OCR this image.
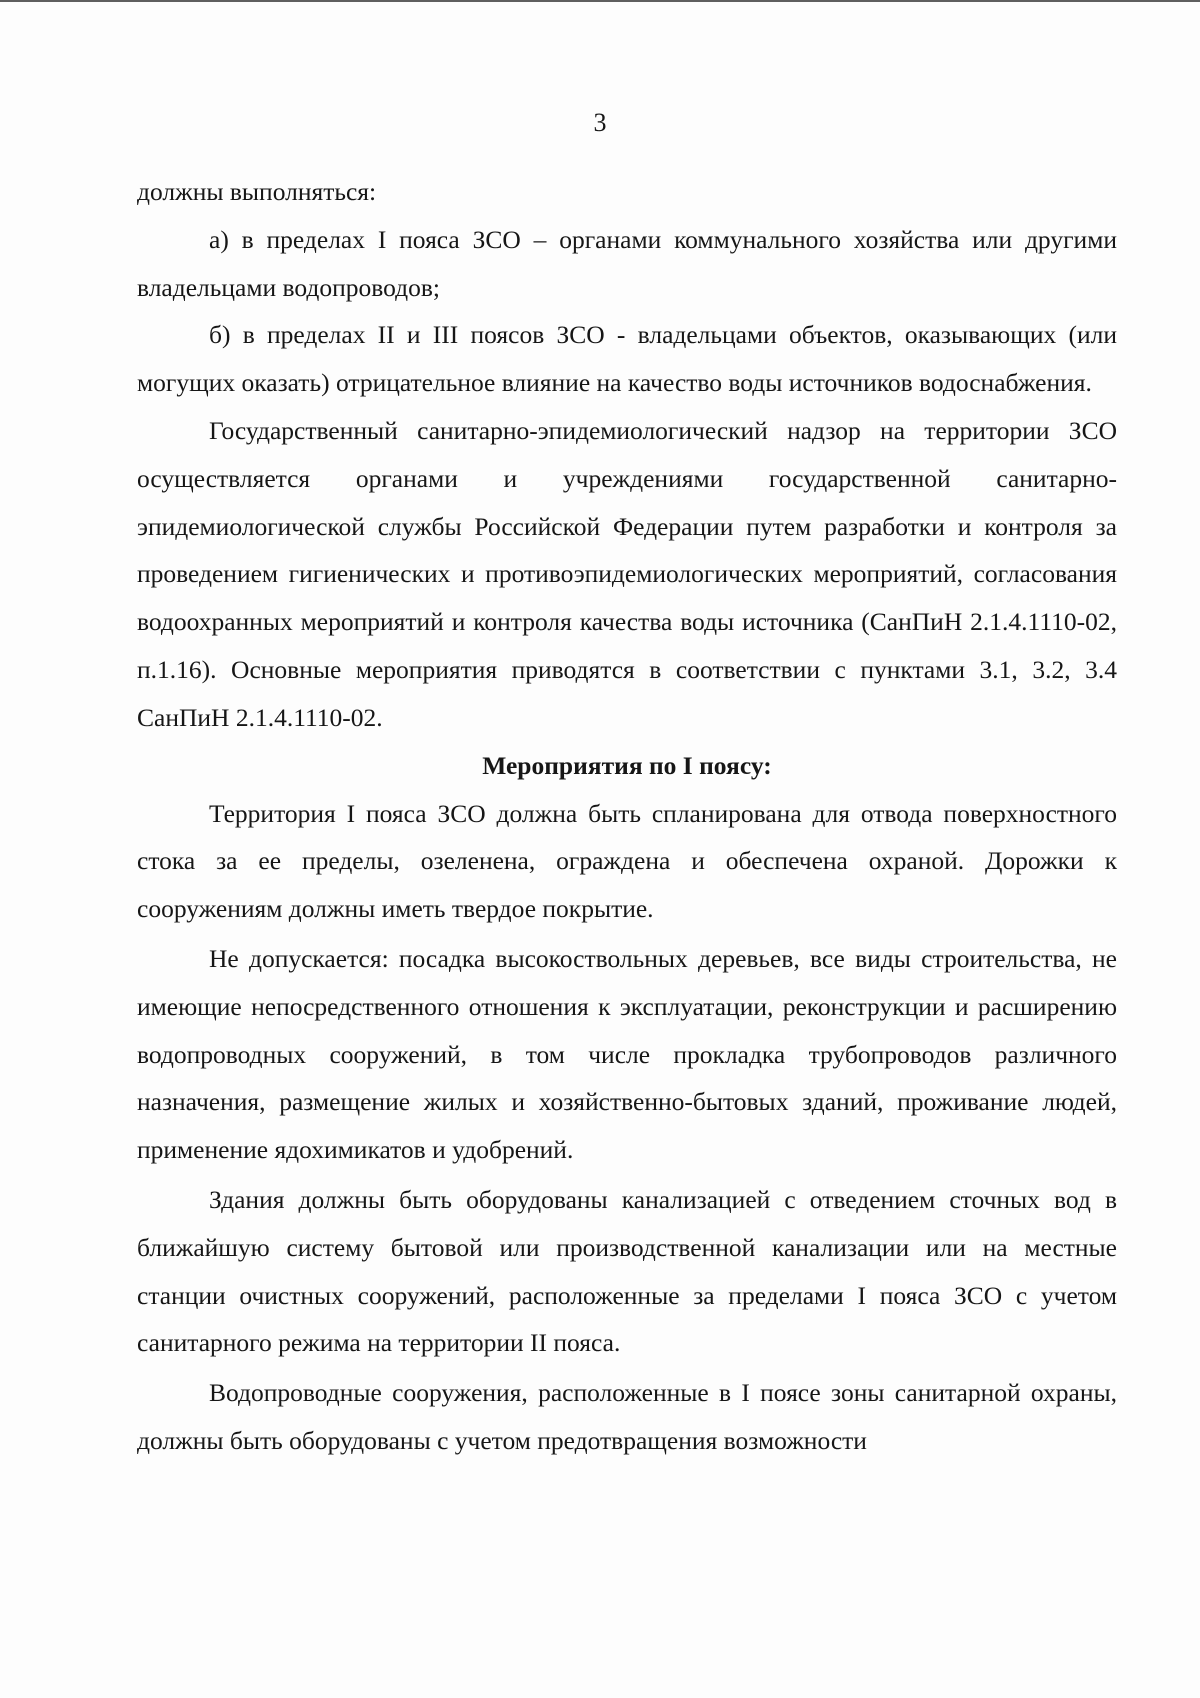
3

должны выполняться:

а) в пределах I пояса ЗСО – органами коммунального хозяйства или другими владельцами водопроводов;

б) в пределах II и III поясов ЗСО - владельцами объектов, оказывающих (или могущих оказать) отрицательное влияние на качество воды источников водоснабжения.

Государственный санитарно-эпидемиологический надзор на территории ЗСО осуществляется органами и учреждениями государственной санитарно-эпидемиологической службы Российской Федерации путем разработки и контроля за проведением гигиенических и противоэпидемиологических мероприятий, согласования водоохранных мероприятий и контроля качества воды источника (СанПиН 2.1.4.1110-02, п.1.16). Основные мероприятия приводятся в соответствии с пунктами 3.1, 3.2, 3.4 СанПиН 2.1.4.1110-02.

Мероприятия по I поясу:

Территория I пояса ЗСО должна быть спланирована для отвода поверхностного стока за ее пределы, озеленена, ограждена и обеспечена охраной. Дорожки к сооружениям должны иметь твердое покрытие.

Не допускается: посадка высокоствольных деревьев, все виды строительства, не имеющие непосредственного отношения к эксплуатации, реконструкции и расширению водопроводных сооружений, в том числе прокладка трубопроводов различного назначения, размещение жилых и хозяйственно-бытовых зданий, проживание людей, применение ядохимикатов и удобрений.

Здания должны быть оборудованы канализацией с отведением сточных вод в ближайшую систему бытовой или производственной канализации или на местные станции очистных сооружений, расположенные за пределами I пояса ЗСО с учетом санитарного режима на территории II пояса.

Водопроводные сооружения, расположенные в I поясе зоны санитарной охраны, должны быть оборудованы с учетом предотвращения возможности
